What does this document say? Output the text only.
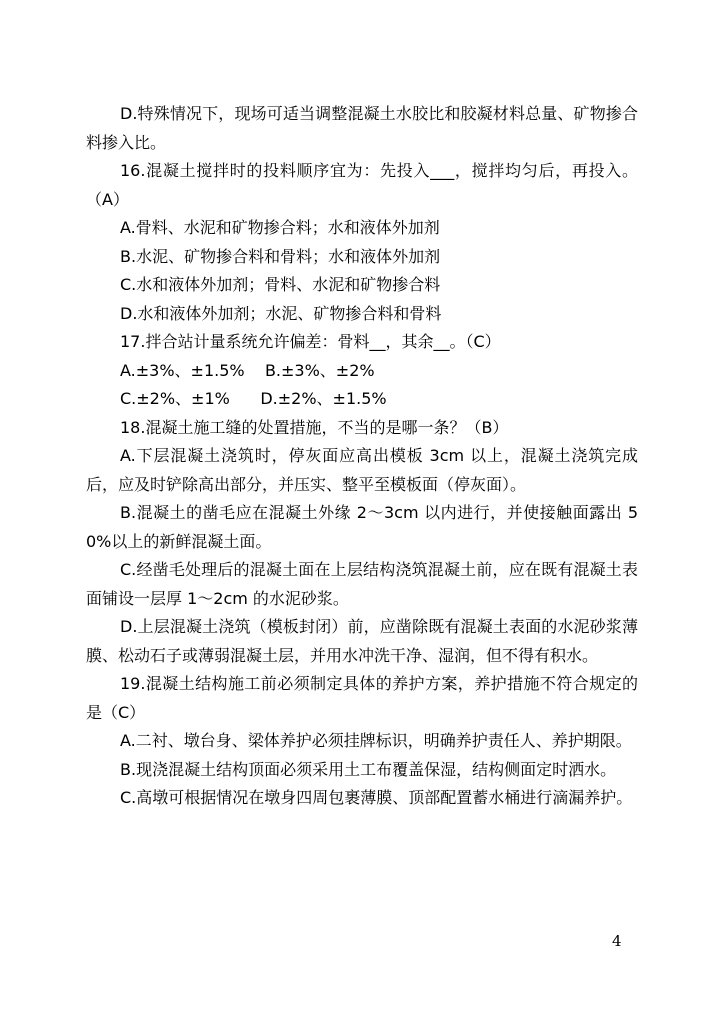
D.特殊情况下，现场可适当调整混凝土水胶比和胶凝材料总量、矿物掺合料掺入比。

16.混凝土搅拌时的投料顺序宜为：先投入___，搅拌均匀后，再投入。（A）

A.骨料、水泥和矿物掺合料；水和液体外加剂

B.水泥、矿物掺合料和骨料；水和液体外加剂

C.水和液体外加剂；骨料、水泥和矿物掺合料

D.水和液体外加剂；水泥、矿物掺合料和骨料

17.拌合站计量系统允许偏差：骨料__，其余__。（C）

A.±3%、±1.5%    B.±3%、±2%

C.±2%、±1%      D.±2%、±1.5%

18.混凝土施工缝的处置措施，不当的是哪一条？（B）

A.下层混凝土浇筑时，停灰面应高出模板 3cm 以上，混凝土浇筑完成后，应及时铲除高出部分，并压实、整平至模板面（停灰面）。

B.混凝土的凿毛应在混凝土外缘 2～3cm 以内进行，并使接触面露出 50%以上的新鲜混凝土面。

C.经凿毛处理后的混凝土面在上层结构浇筑混凝土前，应在既有混凝土表面铺设一层厚 1～2cm 的水泥砂浆。

D.上层混凝土浇筑（模板封闭）前，应凿除既有混凝土表面的水泥砂浆薄膜、松动石子或薄弱混凝土层，并用水冲洗干净、湿润，但不得有积水。

19.混凝土结构施工前必须制定具体的养护方案，养护措施不符合规定的是（C）

A.二衬、墩台身、梁体养护必须挂牌标识，明确养护责任人、养护期限。

B.现浇混凝土结构顶面必须采用土工布覆盖保湿，结构侧面定时洒水。

C.高墩可根据情况在墩身四周包裹薄膜、顶部配置蓄水桶进行滴漏养护。

4
